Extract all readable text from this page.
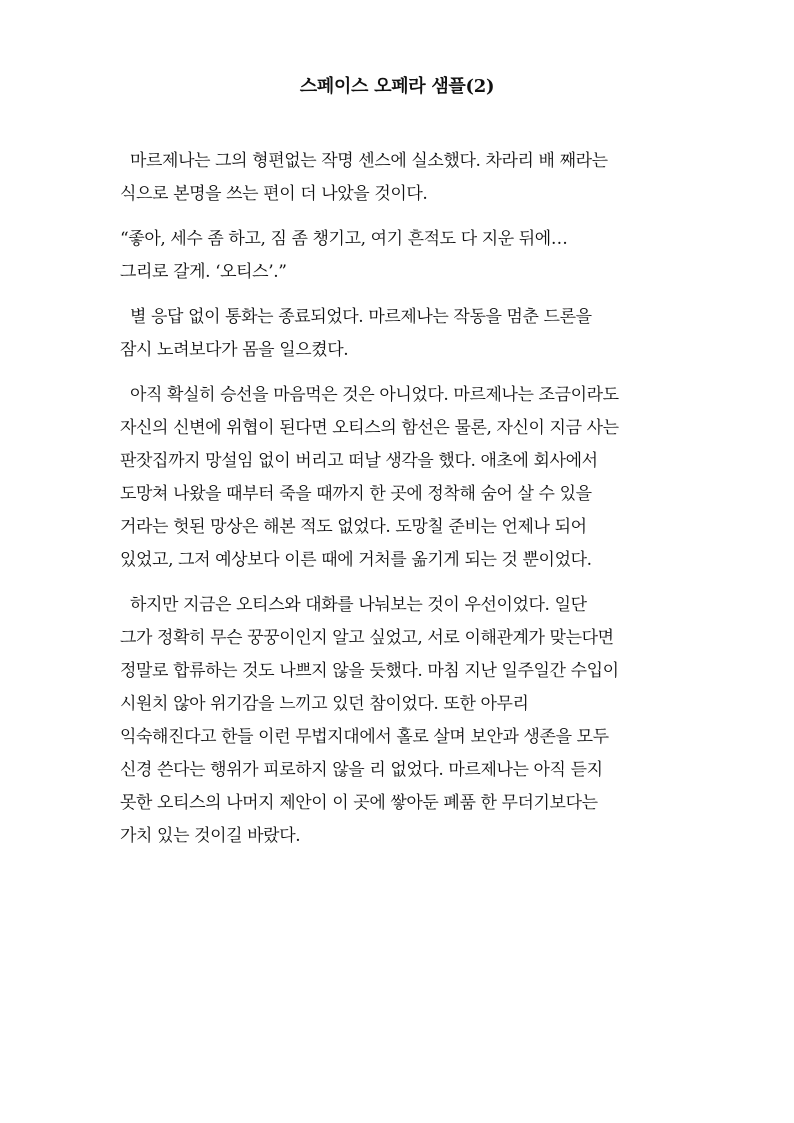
스페이스 오페라 샘플(2)
마르제나는 그의 형편없는 작명 센스에 실소했다. 차라리 배 째라는
식으로 본명을 쓰는 편이 더 나았을 것이다.
“좋아, 세수 좀 하고, 짐 좀 챙기고, 여기 흔적도 다 지운 뒤에…
그리로 갈게. ‘오티스’.”
별 응답 없이 통화는 종료되었다. 마르제나는 작동을 멈춘 드론을
잠시 노려보다가 몸을 일으켰다.
아직 확실히 승선을 마음먹은 것은 아니었다. 마르제나는 조금이라도
자신의 신변에 위협이 된다면 오티스의 함선은 물론, 자신이 지금 사는
판잣집까지 망설임 없이 버리고 떠날 생각을 했다. 애초에 회사에서
도망쳐 나왔을 때부터 죽을 때까지 한 곳에 정착해 숨어 살 수 있을
거라는 헛된 망상은 해본 적도 없었다. 도망칠 준비는 언제나 되어
있었고, 그저 예상보다 이른 때에 거처를 옮기게 되는 것 뿐이었다.
하지만 지금은 오티스와 대화를 나눠보는 것이 우선이었다. 일단
그가 정확히 무슨 꿍꿍이인지 알고 싶었고, 서로 이해관계가 맞는다면
정말로 합류하는 것도 나쁘지 않을 듯했다. 마침 지난 일주일간 수입이
시원치 않아 위기감을 느끼고 있던 참이었다. 또한 아무리
익숙해진다고 한들 이런 무법지대에서 홀로 살며 보안과 생존을 모두
신경 쓴다는 행위가 피로하지 않을 리 없었다. 마르제나는 아직 듣지
못한 오티스의 나머지 제안이 이 곳에 쌓아둔 폐품 한 무더기보다는
가치 있는 것이길 바랐다.
